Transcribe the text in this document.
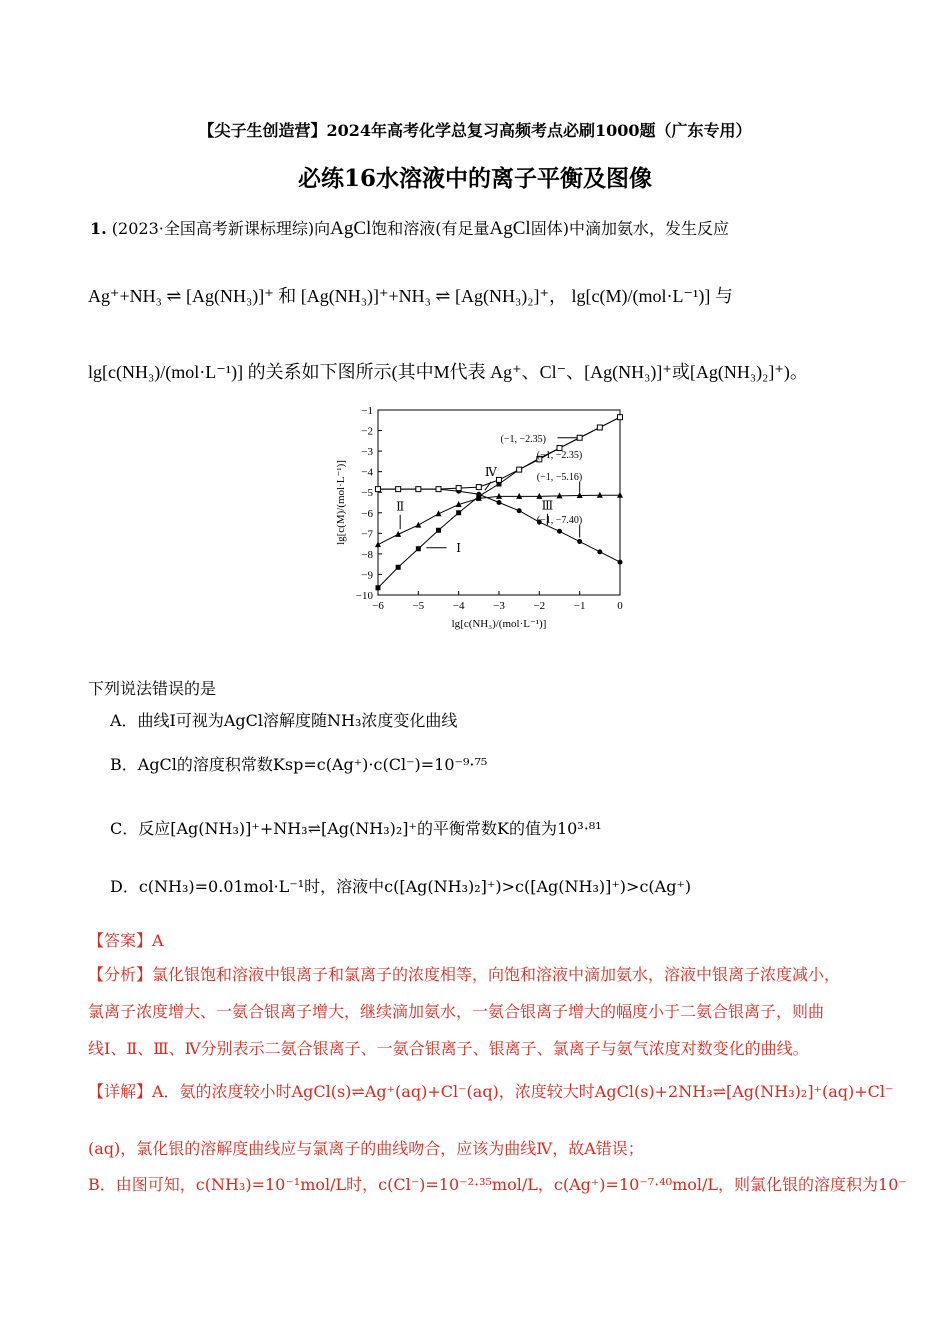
【尖子生创造营】2024年高考化学总复习高频考点必刷1000题（广东专用）
必练16水溶液中的离子平衡及图像
1. (2023·全国高考新课标理综)向AgCl饱和溶液(有足量AgCl固体)中滴加氨水，发生反应
Ag⁺+NH₃ ⇌ [Ag(NH₃)]⁺ 和 [Ag(NH₃)]⁺+NH₃ ⇌ [Ag(NH₃)₂]⁺， lg[c(M)/(mol·L⁻¹)] 与
lg[c(NH₃)/(mol·L⁻¹)] 的关系如下图所示(其中M代表 Ag⁺、Cl⁻、[Ag(NH₃)]⁺或[Ag(NH₃)₂]⁺)。
−6	−5	−4	−3	−2	−1	0
−1
−2
−3
−4
−5
−6
−7
−8
−9
−10
lg[c(NH₃)/(mol·L⁻¹)]
lg[c(M)/(mol·L⁻¹)]
Ⅰ
Ⅱ	Ⅲ
Ⅳ
(−1, −2.35)
(−1, −2.35)
(−1, −5.16)
(−1, −7.40)
下列说法错误的是
A．曲线Ⅰ可视为AgCl溶解度随NH₃浓度变化曲线
B．AgCl的溶度积常数Ksp=c(Ag⁺)·c(Cl⁻)=10⁻⁹·⁷⁵
C．反应[Ag(NH₃)]⁺+NH₃⇌[Ag(NH₃)₂]⁺的平衡常数K的值为10³·⁸¹
D．c(NH₃)=0.01mol·L⁻¹时，溶液中c([Ag(NH₃)₂]⁺)>c([Ag(NH₃)]⁺)>c(Ag⁺)
【答案】A
【分析】氯化银饱和溶液中银离子和氯离子的浓度相等，向饱和溶液中滴加氨水，溶液中银离子浓度减小，
氯离子浓度增大、一氨合银离子增大，继续滴加氨水，一氨合银离子增大的幅度小于二氨合银离子，则曲
线Ⅰ、Ⅱ、Ⅲ、Ⅳ分别表示二氨合银离子、一氨合银离子、银离子、氯离子与氨气浓度对数变化的曲线。
【详解】A．氨的浓度较小时AgCl(s)⇌Ag⁺(aq)+Cl⁻(aq)，浓度较大时AgCl(s)+2NH₃⇌[Ag(NH₃)₂]⁺(aq)+Cl⁻
(aq)，氯化银的溶解度曲线应与氯离子的曲线吻合，应该为曲线Ⅳ，故A错误；
B．由图可知，c(NH₃)=10⁻¹mol/L时，c(Cl⁻)=10⁻²·³⁵mol/L，c(Ag⁺)=10⁻⁷·⁴⁰mol/L，则氯化银的溶度积为10⁻
